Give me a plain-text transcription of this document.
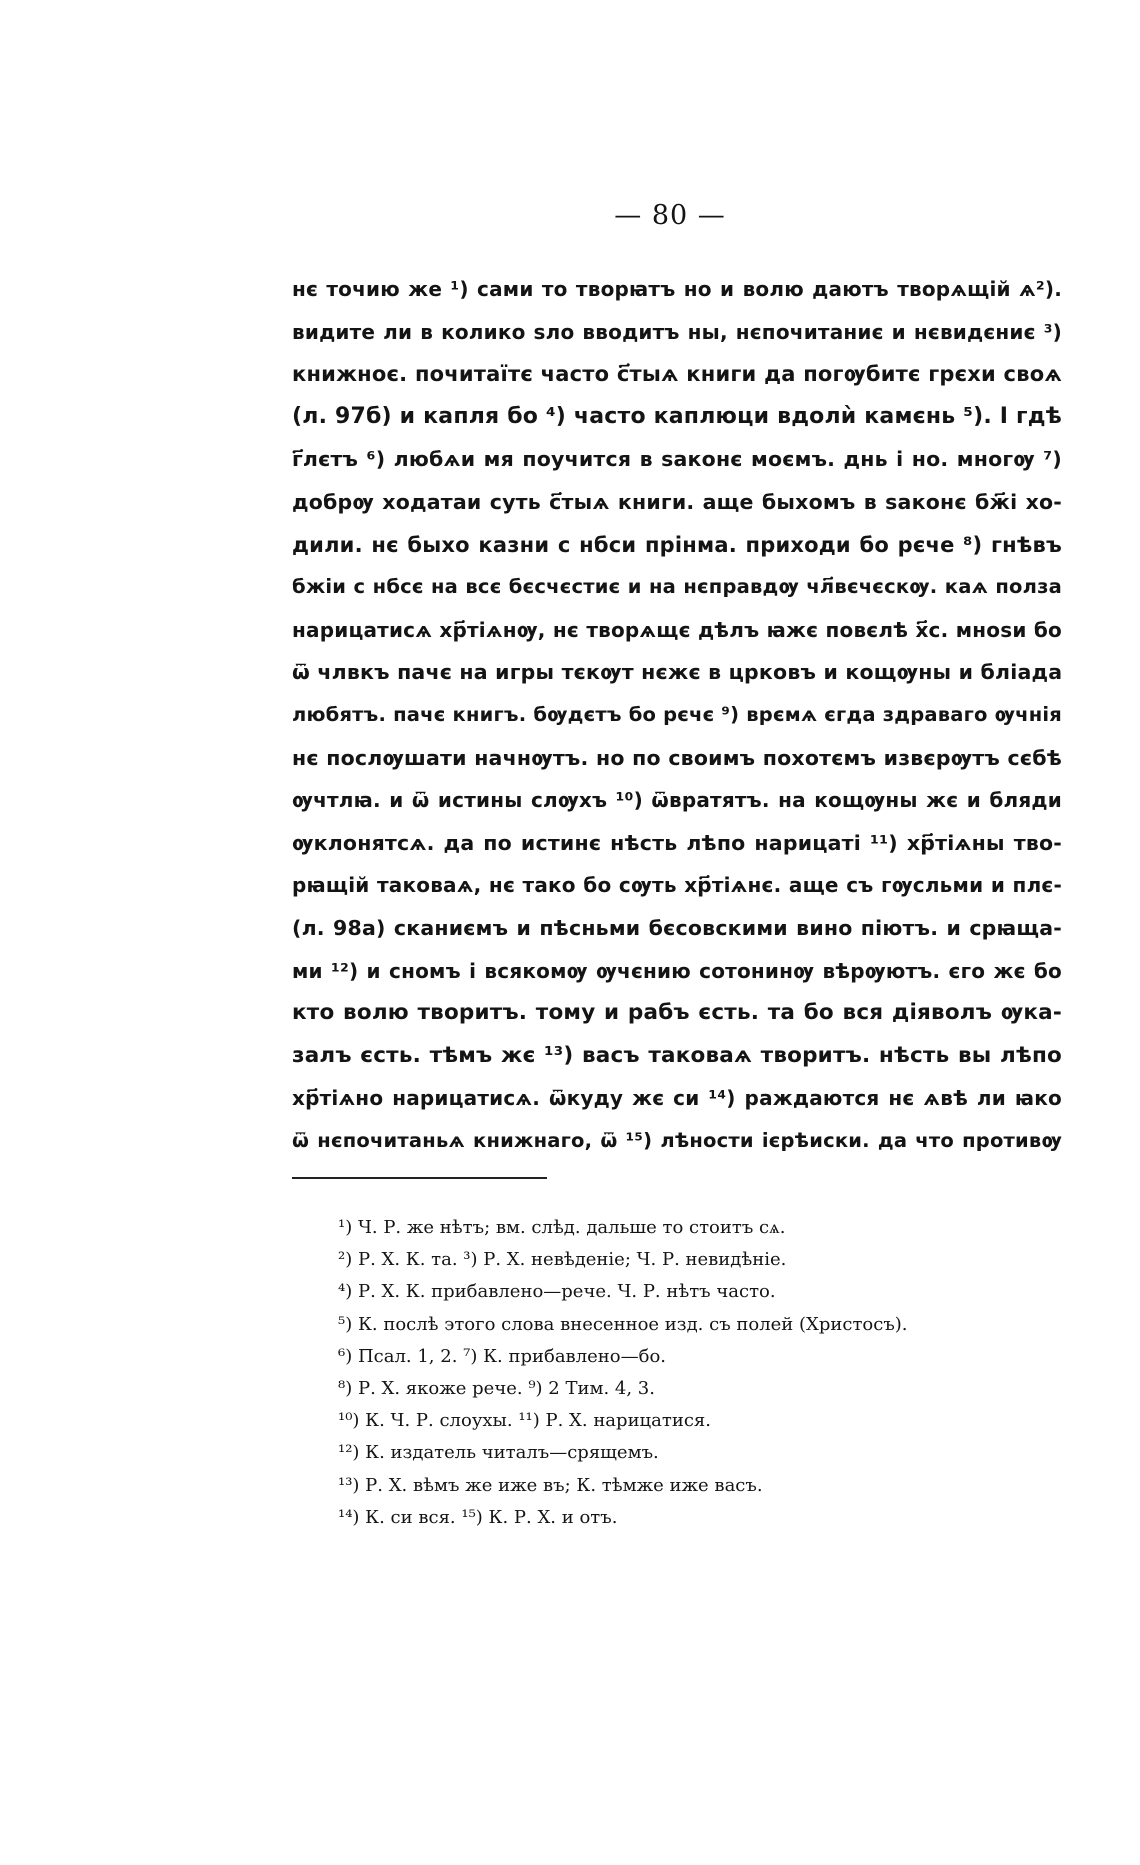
— 80 —
нє точию же ¹) сами то творꙗтъ но и волю даютъ творѧщій ѧ²).
видите ли в колико ѕло вводитъ ны, нєпочитаниє и нєвидєниє ³)
книжноє. почитаїтє часто с҃тыѧ книги да погѹбитє грєхи своѧ
(л. 97б) и капля бо ⁴) часто каплюци вдолѝ камєнь ⁵). І гдѣ
г҃лєтъ ⁶) любѧи мя поучится в ѕаконє моємъ. днь і но. многѹ ⁷)
добрѹ ходатаи суть с҃тыѧ книги. аще быхомъ в ѕаконє бж҃і хо-
дили. нє быхо казни с нбси прінма. приходи бо рєче ⁸) гнѣвъ
бжіи с нбсє на всє бєсчєстиє и на нєправдѹ чл҃вєчєскѹ. каѧ полза
нарицатисѧ хр҃тіѧнѹ, нє творѧщє дѣлъ ꙗжє повєлѣ х҃с. мноѕи бо
ѿ члвкъ пачє на игры тєкѹт нєжє в црковъ и кощѹны и бліада
любятъ. пачє книгъ. бѹдєтъ бо рєчє ⁹) врємѧ єгда здраваго ѹчнія
нє послѹшати начнѹтъ. но по своимъ похотємъ извєрѹтъ сєбѣ
ѹчтлꙗ. и ѿ истины слѹхъ ¹⁰) ѿвратятъ. на кощѹны жє и бляди
ѹклонятсѧ. да по истинє нѣсть лѣпо нарицаті ¹¹) хр҃тіѧны тво-
рꙗщій таковаѧ, нє тако бо сѹть хр҃тіѧнє. аще съ гѹсльми и плє-
(л. 98а) сканиємъ и пѣсньми бєсовскими вино піютъ. и срꙗща-
ми ¹²) и сномъ і всякомѹ ѹчєнию сотонинѹ вѣрѹютъ. єго жє бо
кто волю творитъ. тому и рабъ єсть. та бо вся діяволъ ѹка-
залъ єсть. тѣмъ жє ¹³) васъ таковаѧ творитъ. нѣсть вы лѣпо
хр҃тіѧно нарицатисѧ. ѿкуду жє си ¹⁴) раждаются нє ѧвѣ ли ꙗко
ѿ нєпочитаньѧ книжнаго, ѿ ¹⁵) лѣности ієрѣиски. да что противѹ
¹) Ч. Р. же нѣтъ; вм. слѣд. дальше то стоитъ сѧ.
²) Р. Х. К. та. ³) Р. Х. невѣденіе; Ч. Р. невидѣніе.
⁴) Р. Х. К. прибавлено—рече. Ч. Р. нѣтъ часто.
⁵) К. послѣ этого слова внесенное изд. съ полей (Христосъ).
⁶) Псал. 1, 2. ⁷) К. прибавлено—бо.
⁸) Р. Х. якоже рече. ⁹) 2 Тим. 4, 3.
¹⁰) К. Ч. Р. слоухы. ¹¹) Р. Х. нарицатися.
¹²) К. издатель читалъ—срящемъ.
¹³) Р. Х. вѣмъ же иже въ; К. тѣмже иже васъ.
¹⁴) К. си вся. ¹⁵) К. Р. Х. и отъ.
